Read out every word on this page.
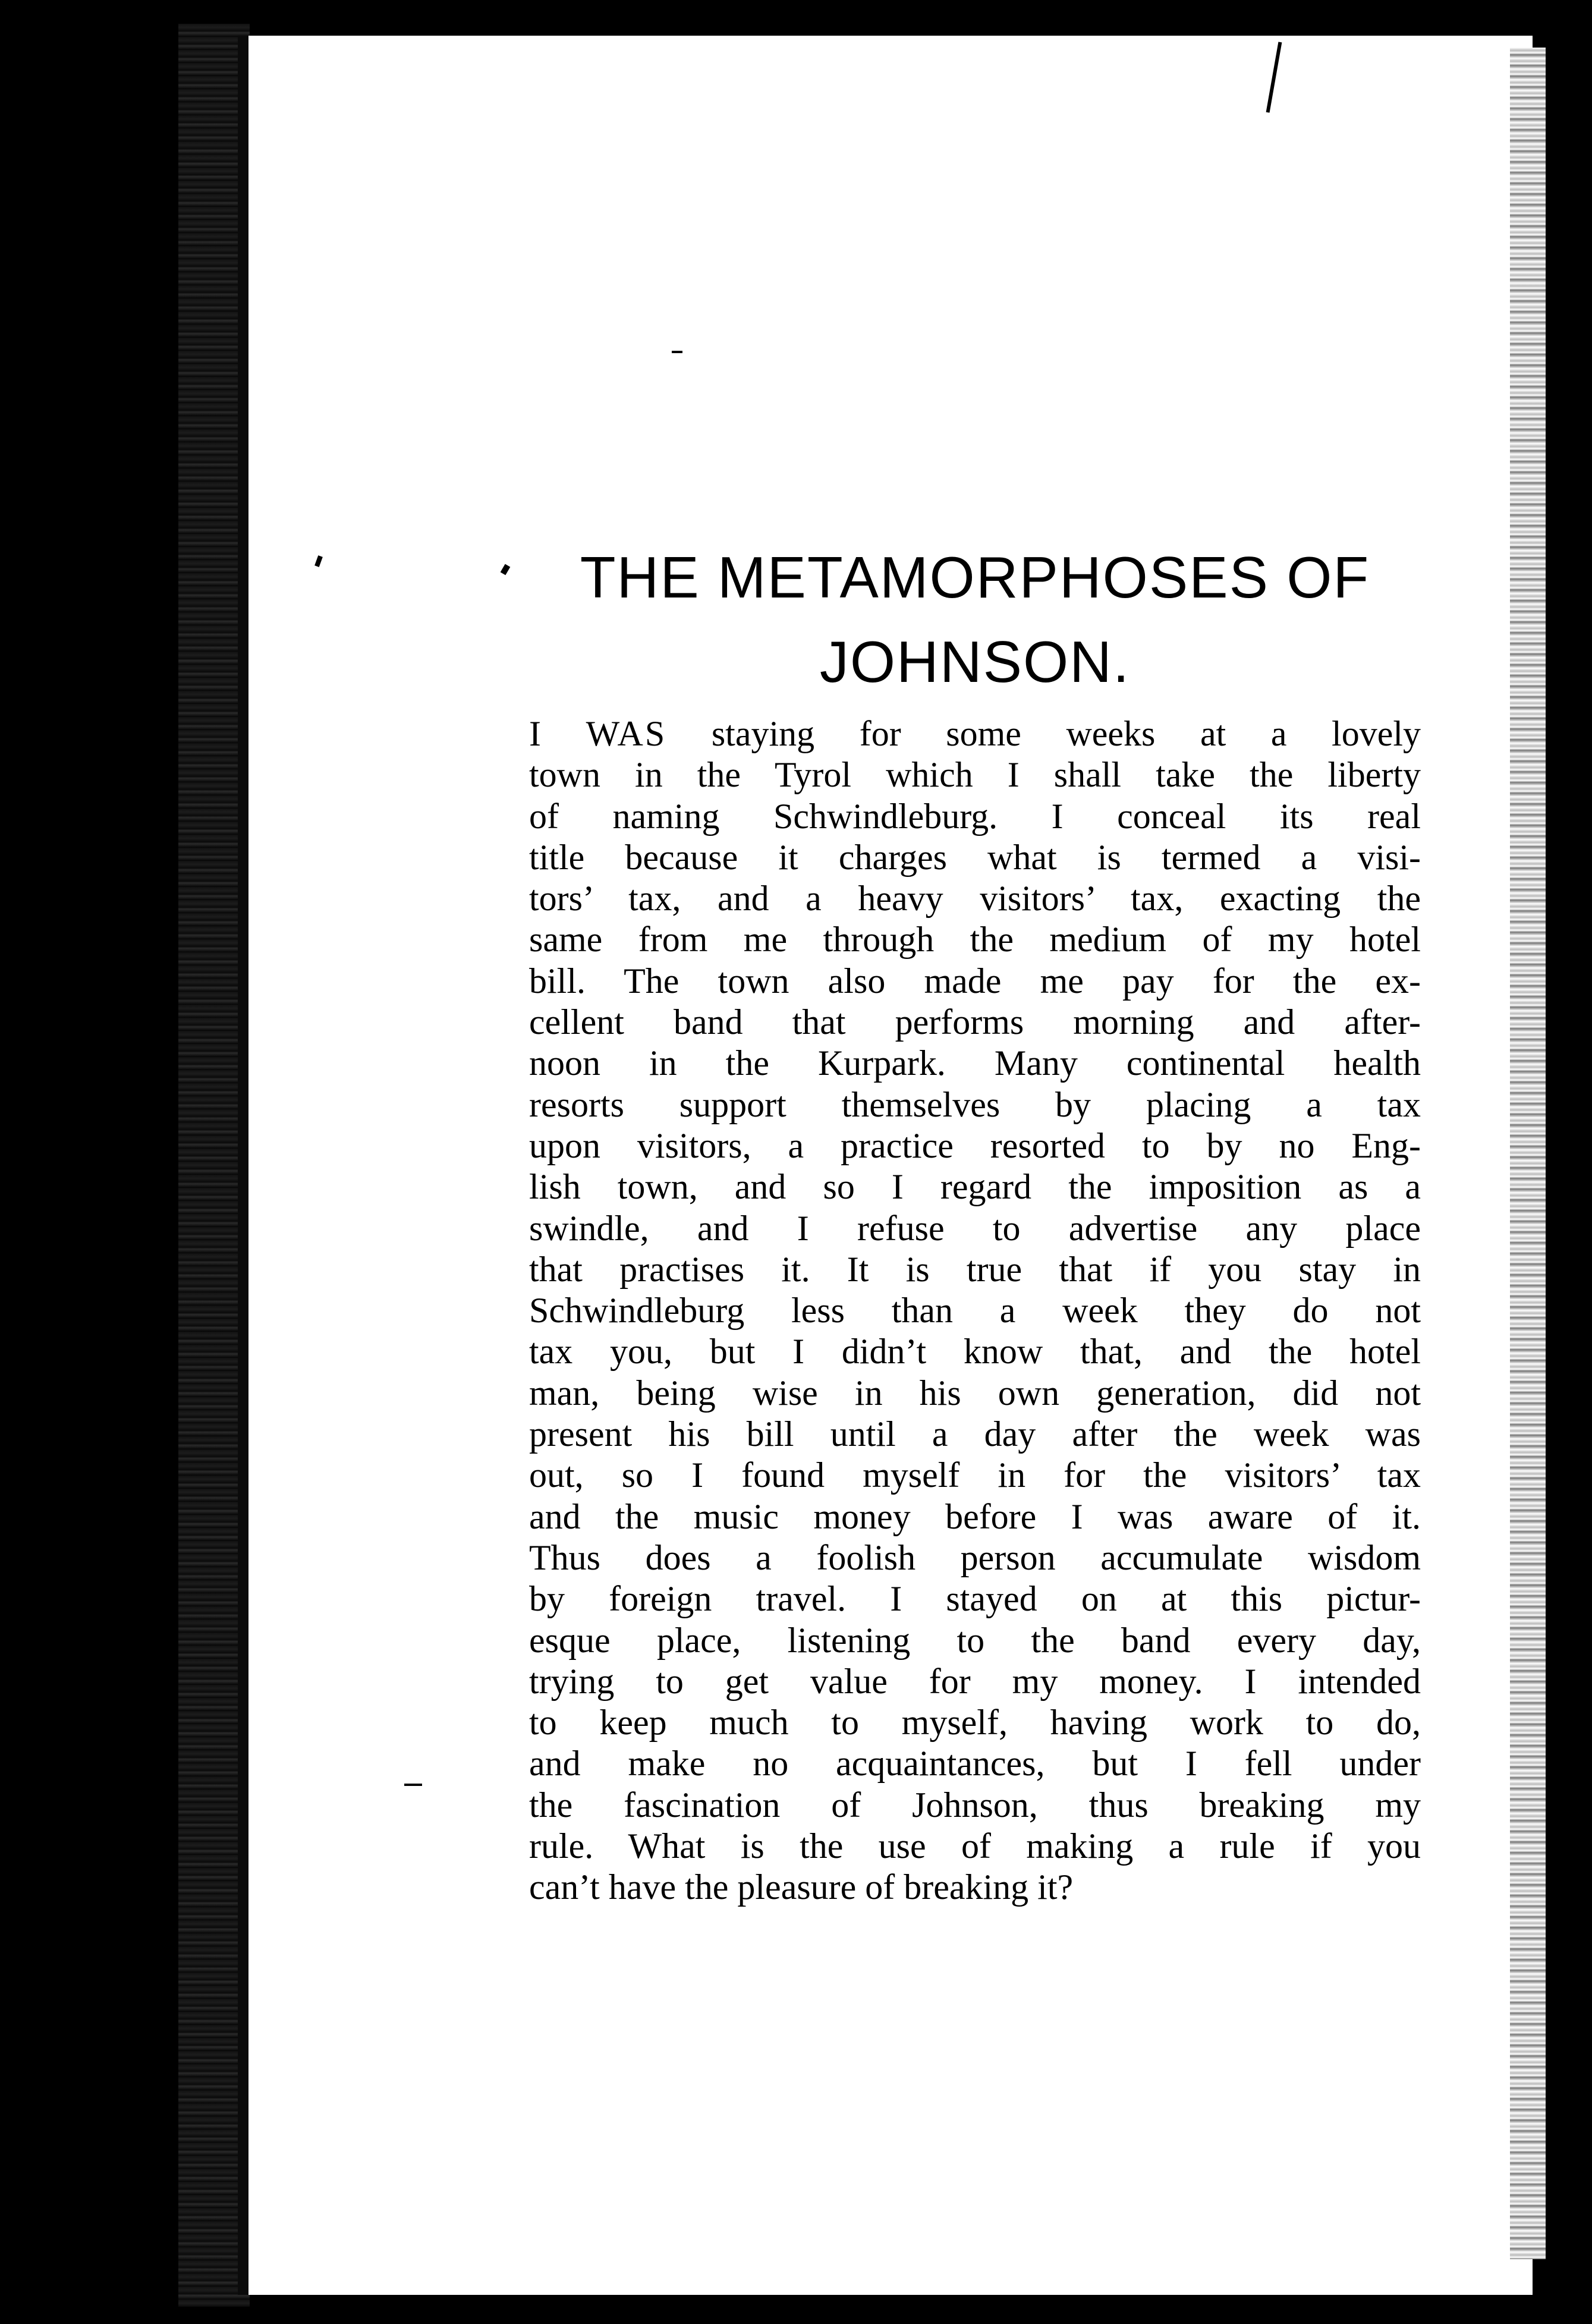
THE METAMORPHOSES OF
JOHNSON.
I WAS staying for some weeks at a lovely
town in the Tyrol which I shall take the liberty
of naming Schwindleburg. I conceal its real
title because it charges what is termed a visi-
tors’ tax, and a heavy visitors’ tax, exacting the
same from me through the medium of my hotel
bill. The town also made me pay for the ex-
cellent band that performs morning and after-
noon in the Kurpark. Many continental health
resorts support themselves by placing a tax
upon visitors, a practice resorted to by no Eng-
lish town, and so I regard the imposition as a
swindle, and I refuse to advertise any place
that practises it. It is true that if you stay in
Schwindleburg less than a week they do not
tax you, but I didn’t know that, and the hotel
man, being wise in his own generation, did not
present his bill until a day after the week was
out, so I found myself in for the visitors’ tax
and the music money before I was aware of it.
Thus does a foolish person accumulate wisdom
by foreign travel. I stayed on at this pictur-
esque place, listening to the band every day,
trying to get value for my money. I intended
to keep much to myself, having work to do,
and make no acquaintances, but I fell under
the fascination of Johnson, thus breaking my
rule. What is the use of making a rule if you
can’t have the pleasure of breaking it?
